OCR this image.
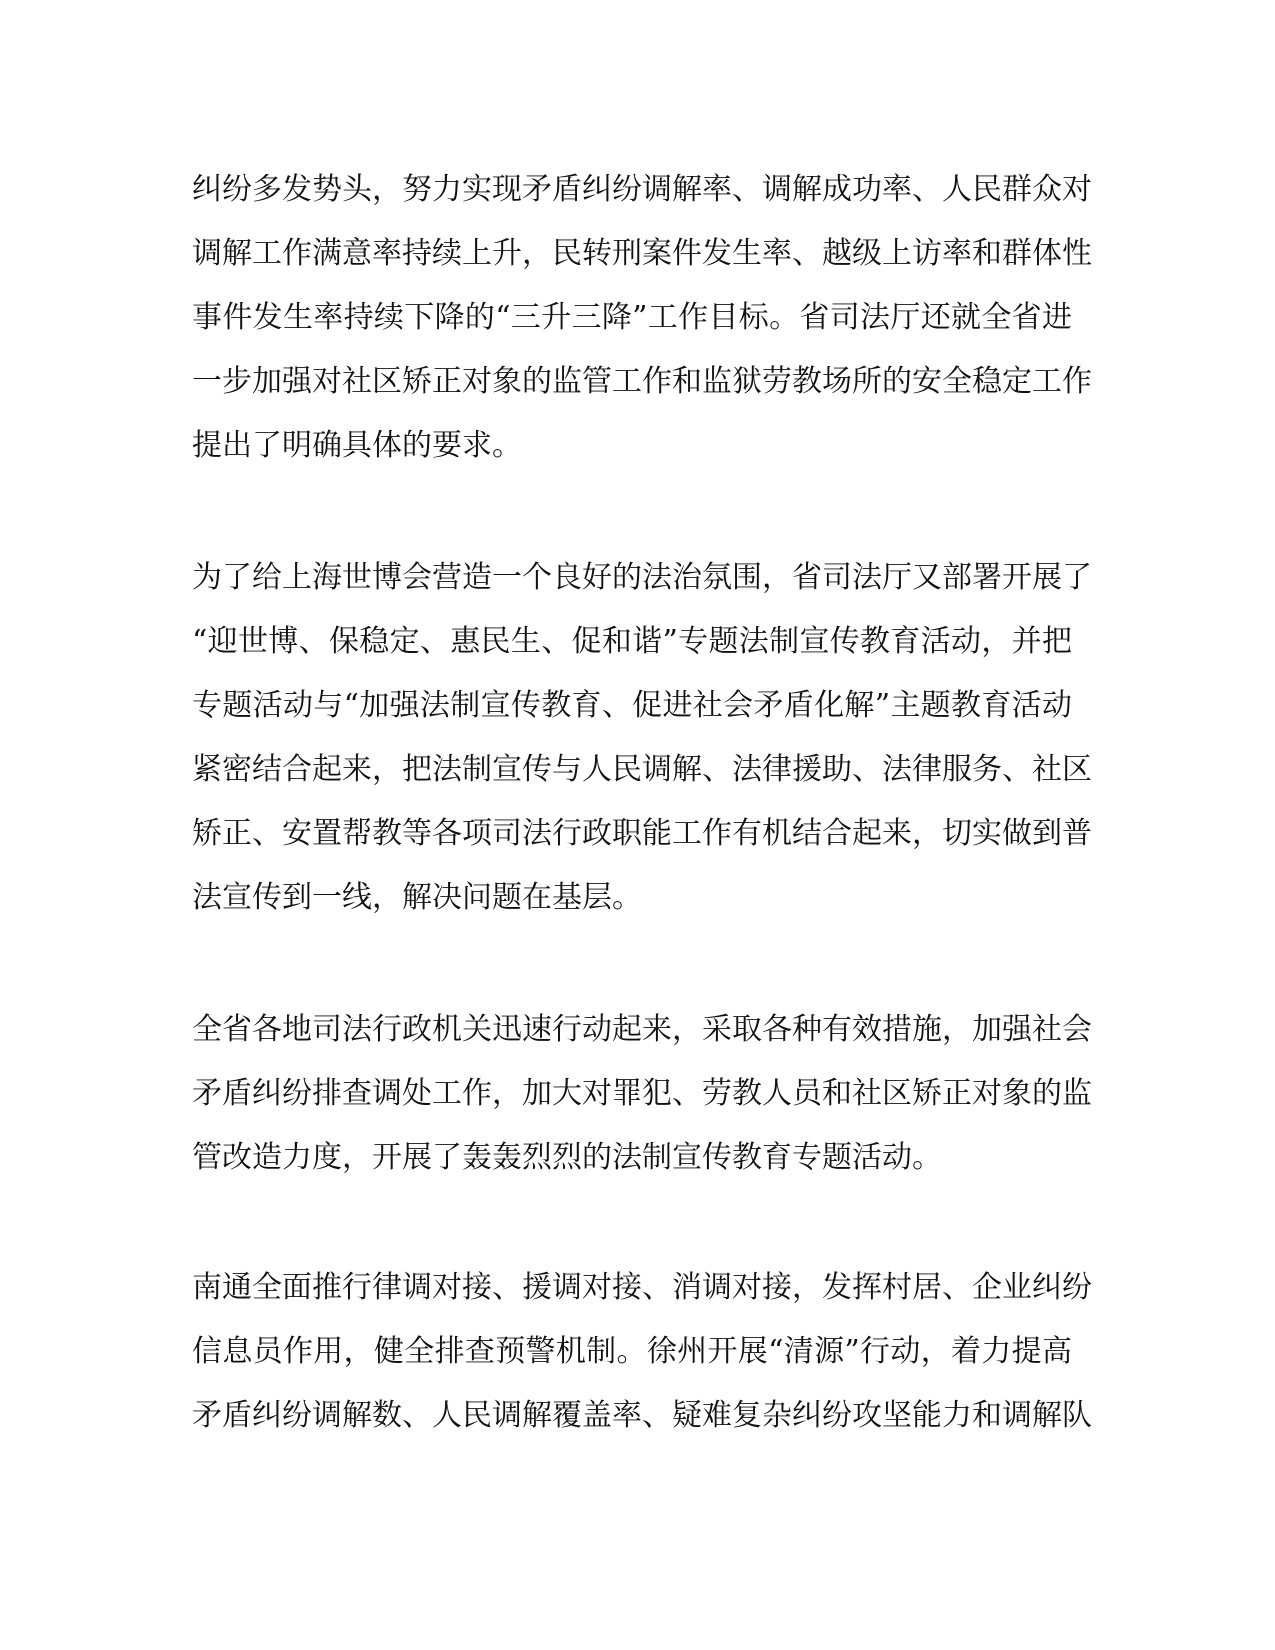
纠纷多发势头，努力实现矛盾纠纷调解率、调解成功率、人民群众对
调解工作满意率持续上升，民转刑案件发生率、越级上访率和群体性
事件发生率持续下降的“三升三降”工作目标。省司法厅还就全省进
一步加强对社区矫正对象的监管工作和监狱劳教场所的安全稳定工作
提出了明确具体的要求。
为了给上海世博会营造一个良好的法治氛围，省司法厅又部署开展了
“迎世博、保稳定、惠民生、促和谐”专题法制宣传教育活动，并把
专题活动与“加强法制宣传教育、促进社会矛盾化解”主题教育活动
紧密结合起来，把法制宣传与人民调解、法律援助、法律服务、社区
矫正、安置帮教等各项司法行政职能工作有机结合起来，切实做到普
法宣传到一线，解决问题在基层。
全省各地司法行政机关迅速行动起来，采取各种有效措施，加强社会
矛盾纠纷排查调处工作，加大对罪犯、劳教人员和社区矫正对象的监
管改造力度，开展了轰轰烈烈的法制宣传教育专题活动。
南通全面推行律调对接、援调对接、消调对接，发挥村居、企业纠纷
信息员作用，健全排查预警机制。徐州开展“清源”行动，着力提高
矛盾纠纷调解数、人民调解覆盖率、疑难复杂纠纷攻坚能力和调解队
